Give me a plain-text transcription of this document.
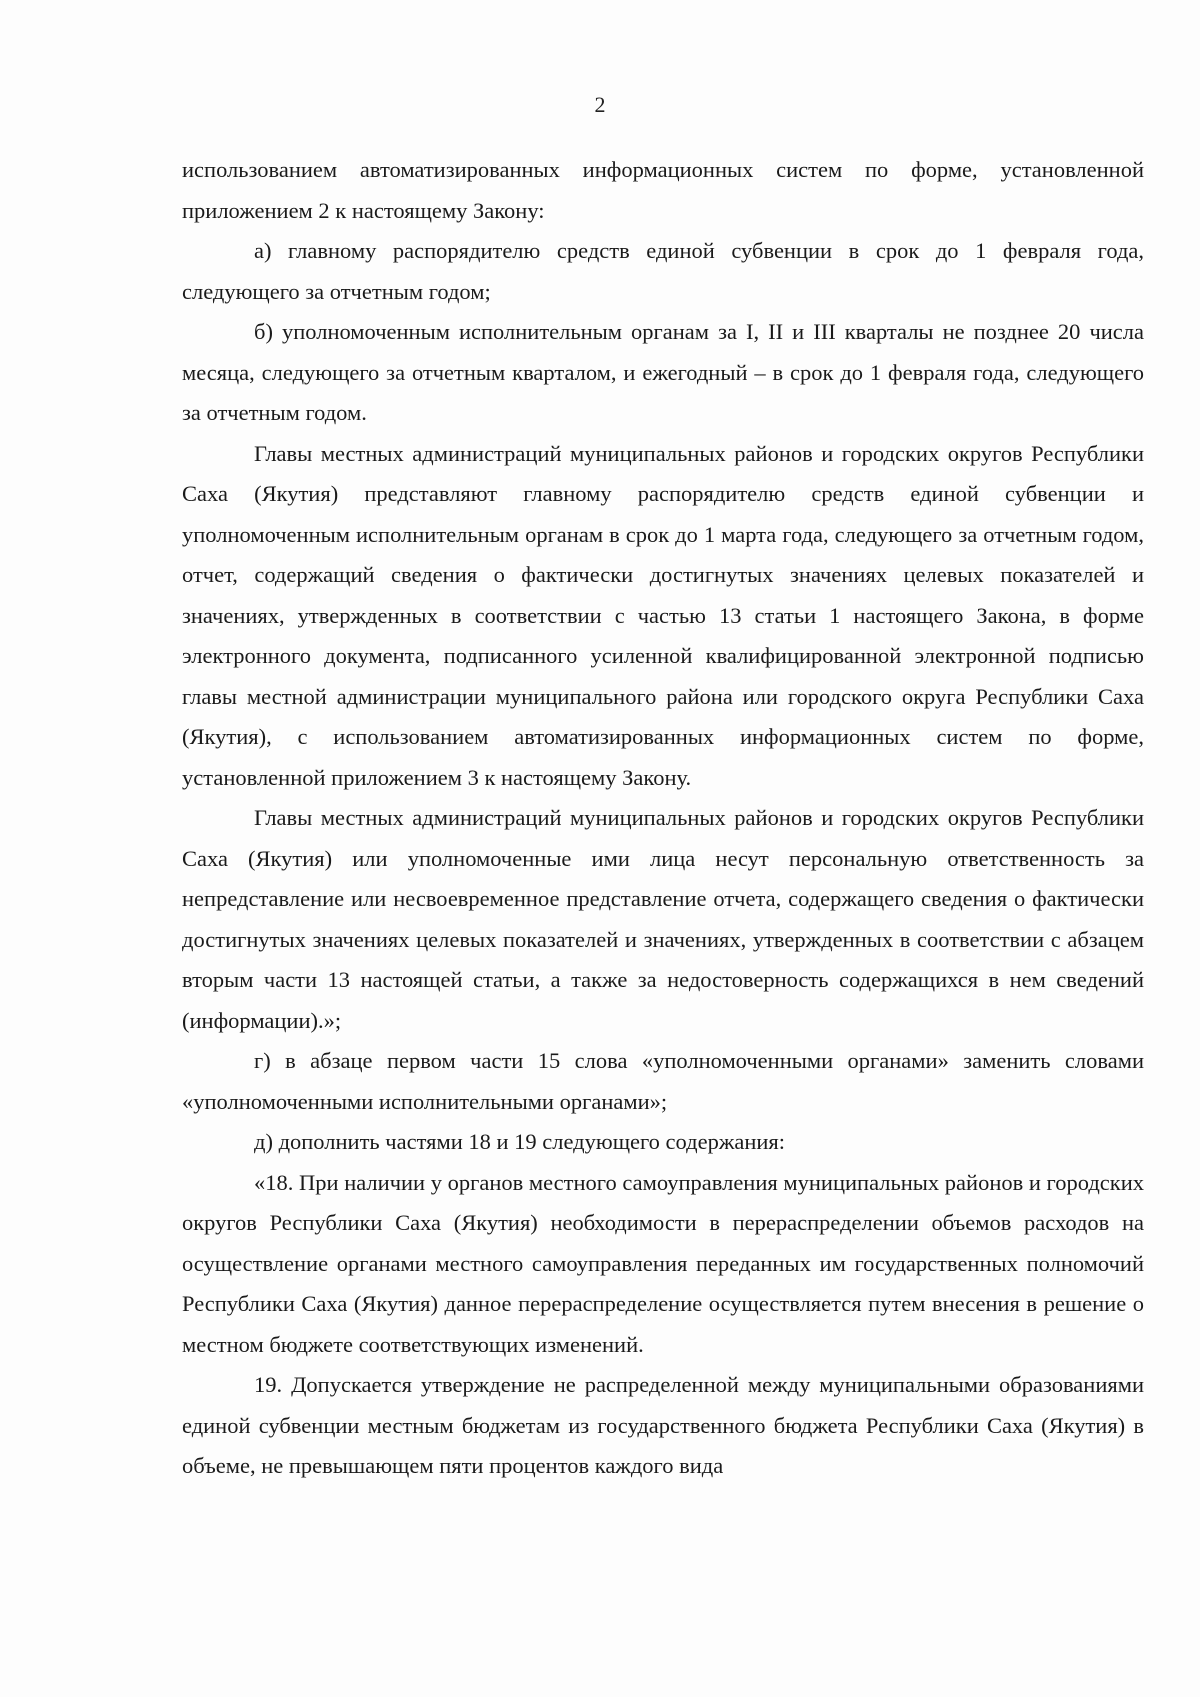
2

использованием автоматизированных информационных систем по форме, установленной приложением 2 к настоящему Закону:

а) главному распорядителю средств единой субвенции в срок до 1 февраля года, следующего за отчетным годом;

б) уполномоченным исполнительным органам за I, II и III кварталы не позднее 20 числа месяца, следующего за отчетным кварталом, и ежегодный – в срок до 1 февраля года, следующего за отчетным годом.

Главы местных администраций муниципальных районов и городских округов Республики Саха (Якутия) представляют главному распорядителю средств единой субвенции и уполномоченным исполнительным органам в срок до 1 марта года, следующего за отчетным годом, отчет, содержащий сведения о фактически достигнутых значениях целевых показателей и значениях, утвержденных в соответствии с частью 13 статьи 1 настоящего Закона, в форме электронного документа, подписанного усиленной квалифицированной электронной подписью главы местной администрации муниципального района или городского округа Республики Саха (Якутия), с использованием автоматизированных информационных систем по форме, установленной приложением 3 к настоящему Закону.

Главы местных администраций муниципальных районов и городских округов Республики Саха (Якутия) или уполномоченные ими лица несут персональную ответственность за непредставление или несвоевременное представление отчета, содержащего сведения о фактически достигнутых значениях целевых показателей и значениях, утвержденных в соответствии с абзацем вторым части 13 настоящей статьи, а также за недостоверность содержащихся в нем сведений (информации).»;

г) в абзаце первом части 15 слова «уполномоченными органами» заменить словами «уполномоченными исполнительными органами»;

д) дополнить частями 18 и 19 следующего содержания:

«18. При наличии у органов местного самоуправления муниципальных районов и городских округов Республики Саха (Якутия) необходимости в перераспределении объемов расходов на осуществление органами местного самоуправления переданных им государственных полномочий Республики Саха (Якутия) данное перераспределение осуществляется путем внесения в решение о местном бюджете соответствующих изменений.

19. Допускается утверждение не распределенной между муниципальными образованиями единой субвенции местным бюджетам из государственного бюджета Республики Саха (Якутия) в объеме, не превышающем пяти процентов каждого вида
